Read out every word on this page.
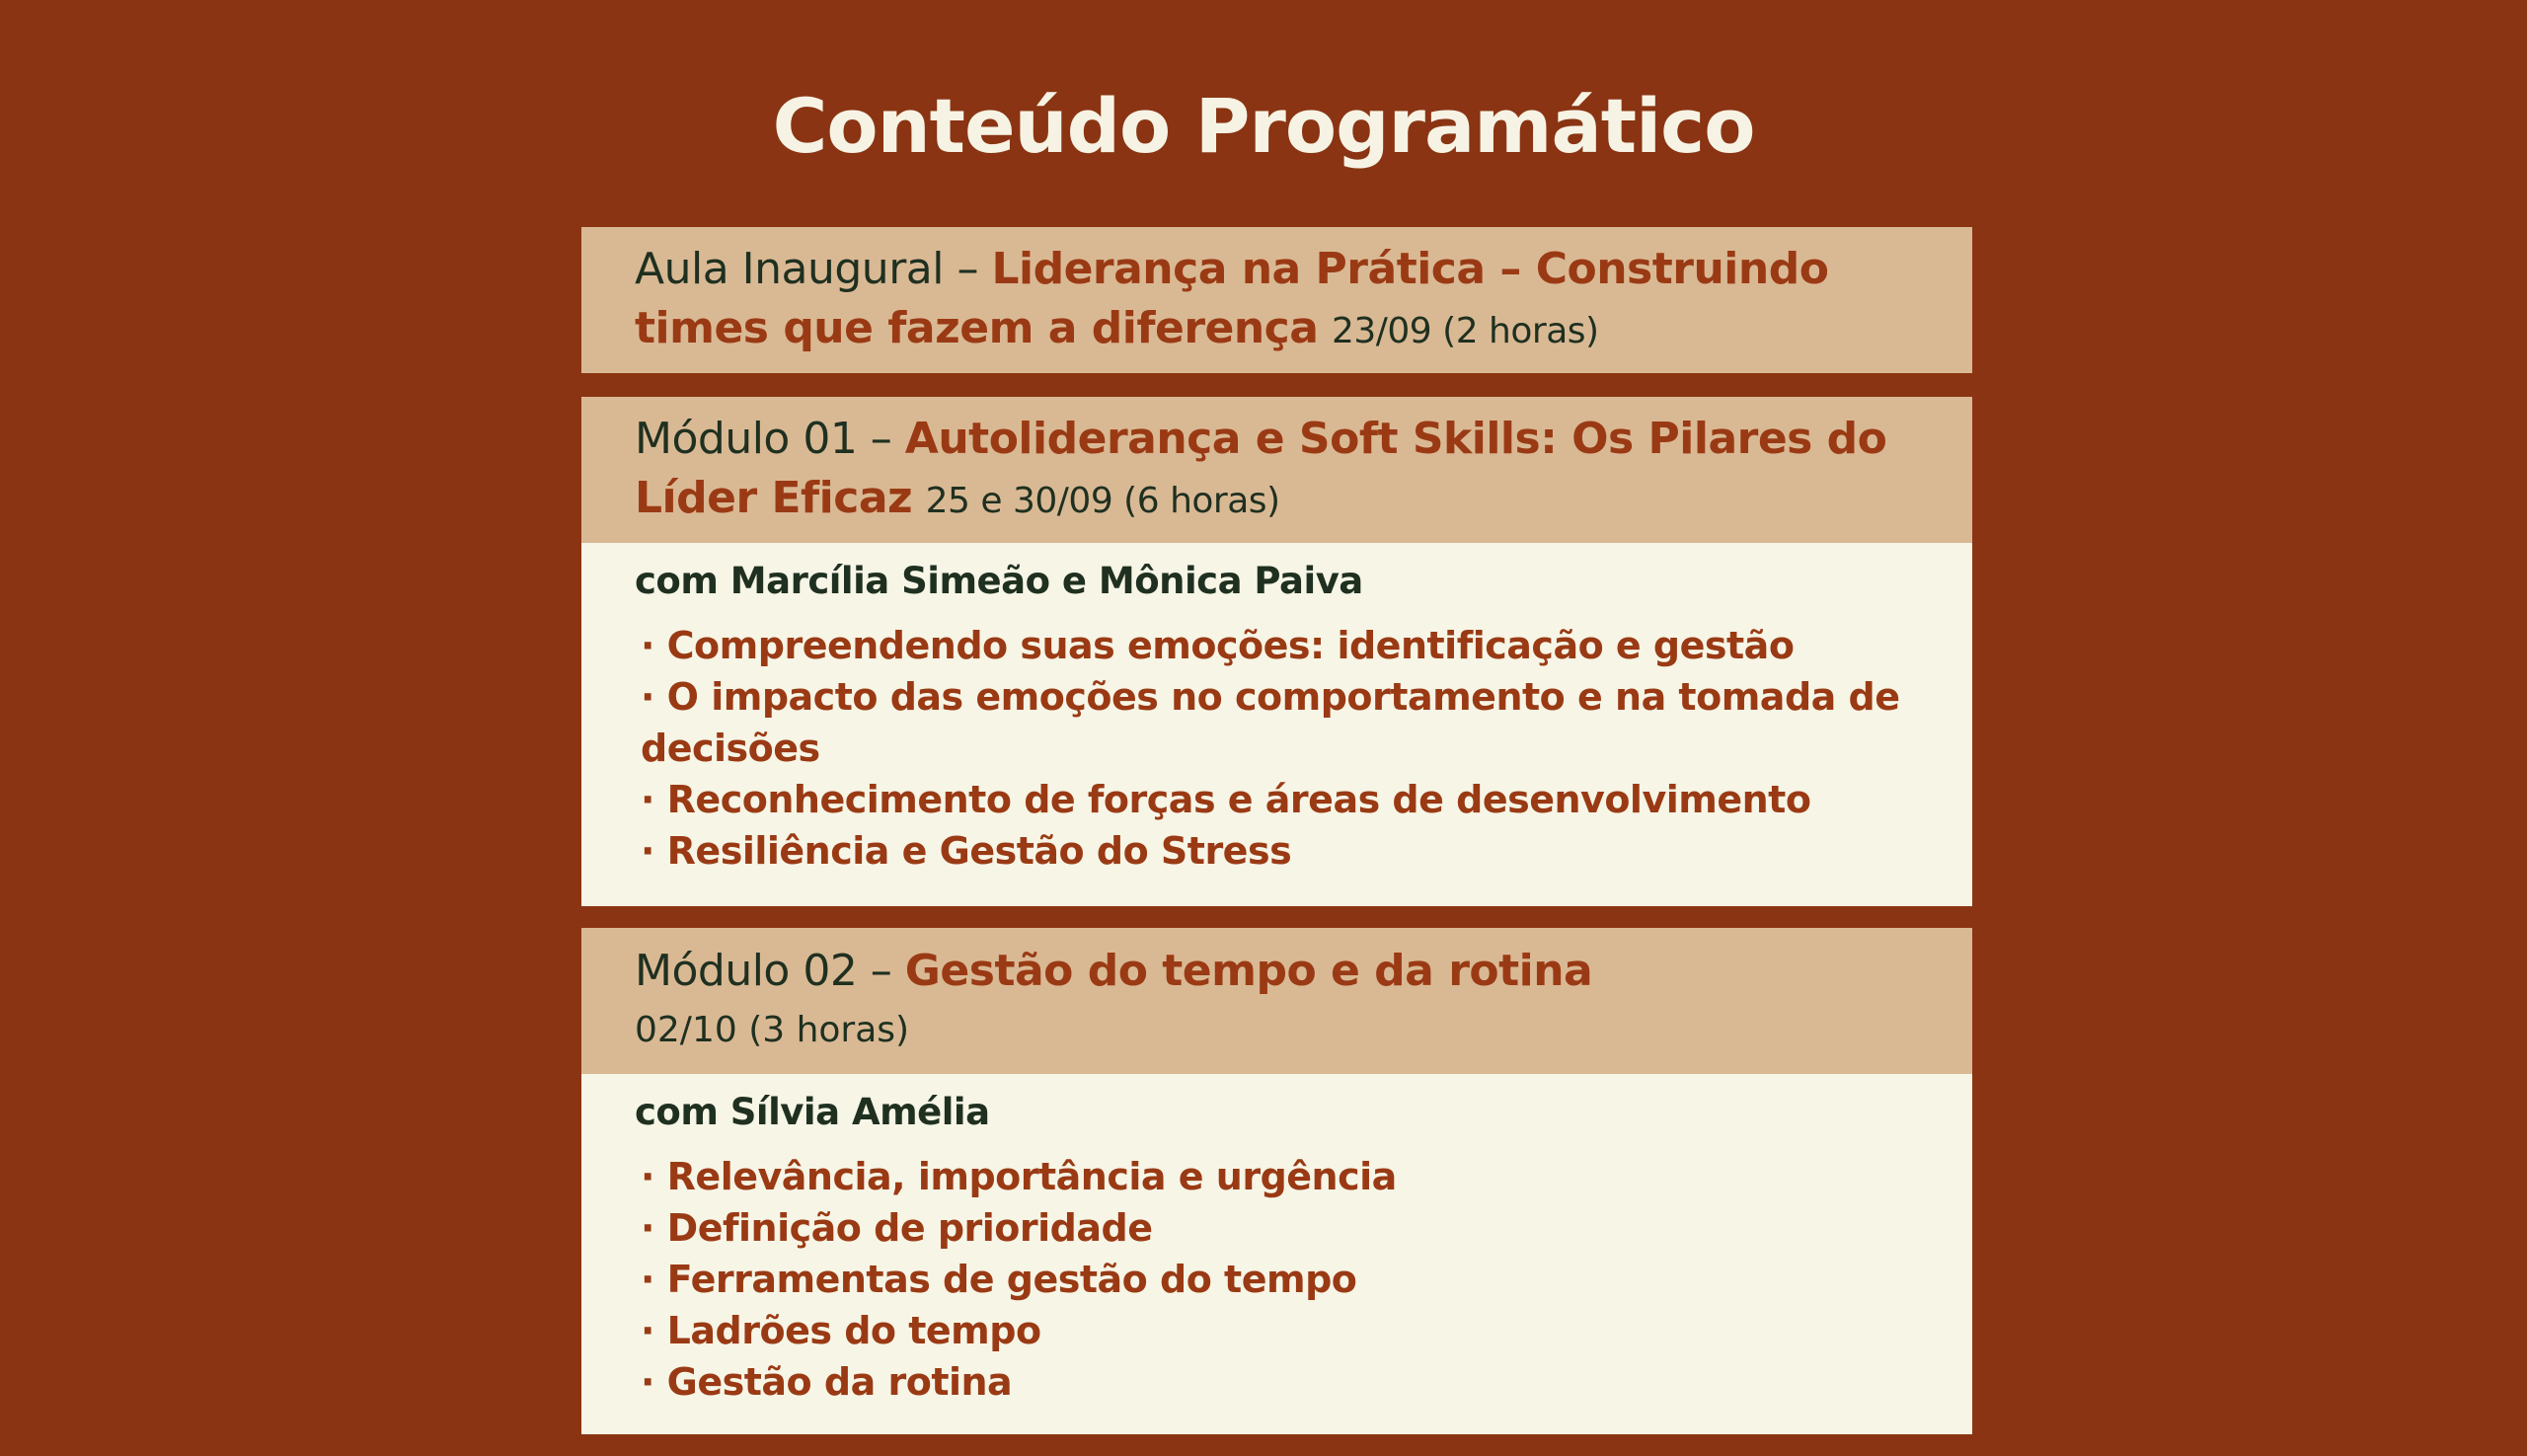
Conteúdo Programático
Aula Inaugural – Liderança na Prática – Construindo
times que fazem a diferença 23/09 (2 horas)
Módulo 01 – Autoliderança e Soft Skills: Os Pilares do
Líder Eficaz 25 e 30/09 (6 horas)
com Marcília Simeão e Mônica Paiva
· Compreendendo suas emoções: identificação e gestão
· O impacto das emoções no comportamento e na tomada de decisões
· Reconhecimento de forças e áreas de desenvolvimento
· Resiliência e Gestão do Stress
Módulo 02 – Gestão do tempo e da rotina
02/10 (3 horas)
com Sílvia Amélia
· Relevância, importância e urgência
· Definição de prioridade
· Ferramentas de gestão do tempo
· Ladrões do tempo
· Gestão da rotina
